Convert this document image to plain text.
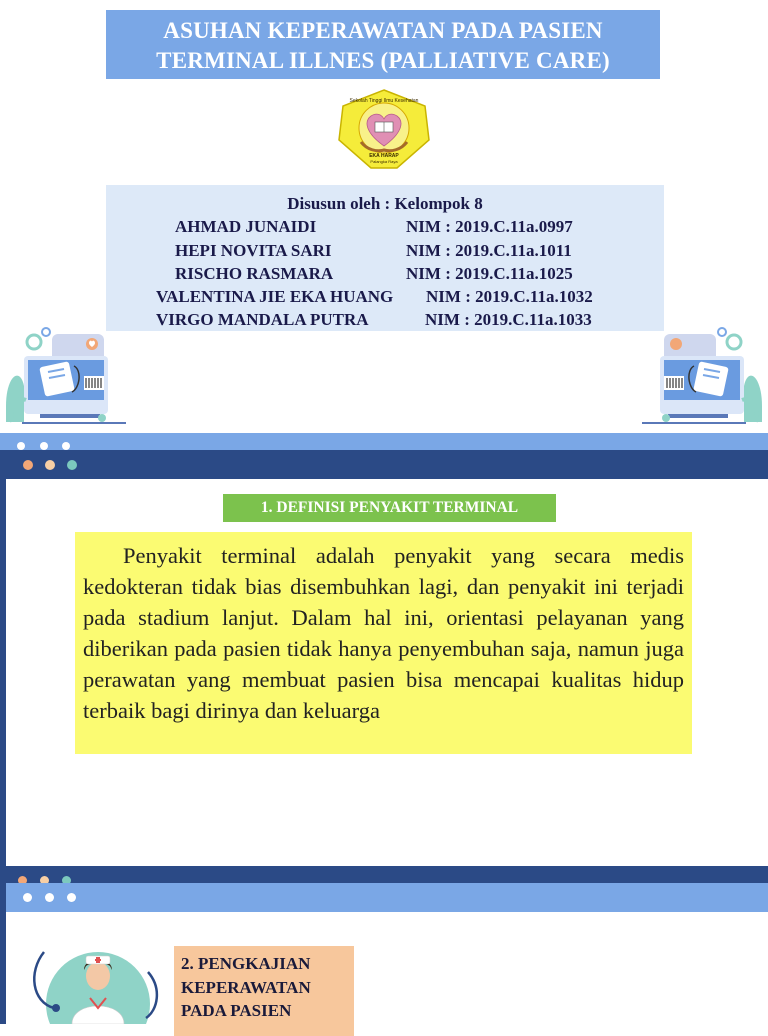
ASUHAN KEPERAWATAN PADA PASIEN
TERMINAL ILLNES (PALLIATIVE CARE)
Sekolah Tinggi Ilmu Kesehatan
EKA HARAP
Palangka Raya
Disusun oleh : Kelompok 8
AHMAD JUNAIDI	NIM : 2019.C.11a.0997
HEPI NOVITA SARI	NIM : 2019.C.11a.1011
RISCHO RASMARA	NIM : 2019.C.11a.1025
VALENTINA JIE EKA HUANG NIM : 2019.C.11a.1032
VIRGO MANDALA PUTRA	NIM : 2019.C.11a.1033
1. DEFINISI PENYAKIT TERMINAL
Penyakit terminal adalah penyakit yang secara medis kedokteran tidak bias disembuhkan lagi, dan penyakit ini terjadi pada stadium lanjut. Dalam hal ini, orientasi pelayanan yang diberikan pada pasien tidak hanya penyembuhan saja, namun juga perawatan yang membuat pasien bisa mencapai kualitas hidup terbaik bagi dirinya dan keluarga
2. PENGKAJIAN
KEPERAWATAN
PADA PASIEN
